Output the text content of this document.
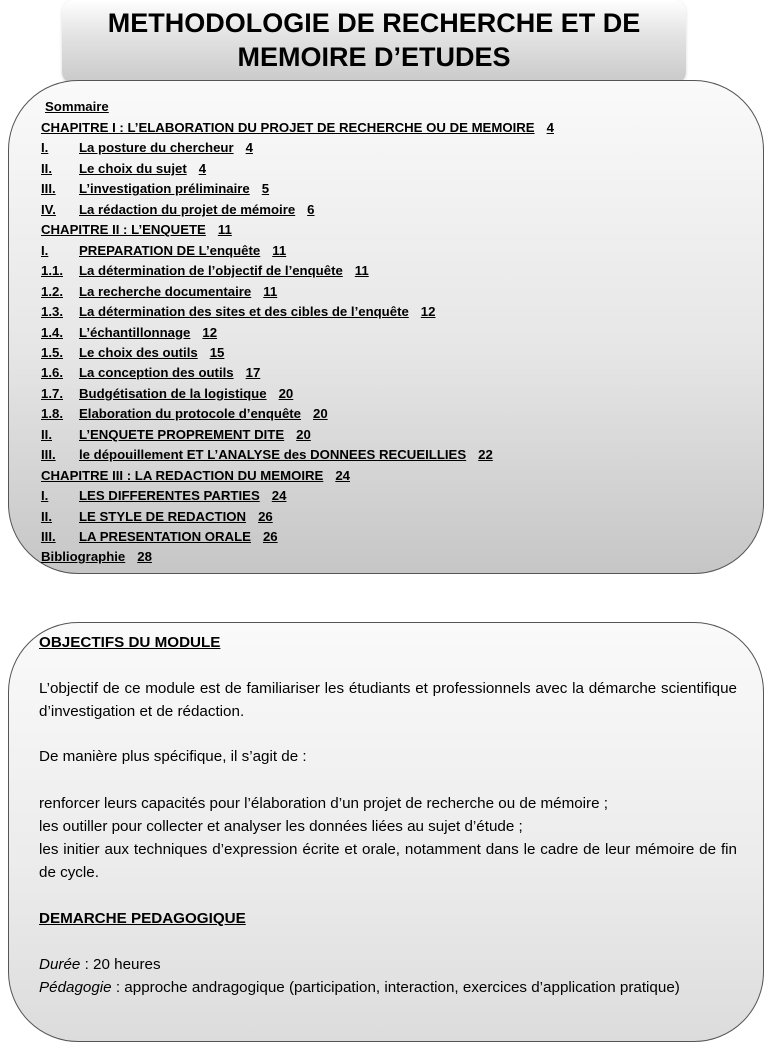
METHODOLOGIE DE RECHERCHE ET DE
MEMOIRE D’ETUDES
Sommaire
CHAPITRE I : L’ELABORATION DU PROJET DE RECHERCHE OU DE MEMOIRE 4
I. La posture du chercheur 4
II. Le choix du sujet 4
III. L’investigation préliminaire 5
IV. La rédaction du projet de mémoire 6
CHAPITRE II : L’ENQUETE 11
I. PREPARATION DE L’enquête 11
1.1. La détermination de l’objectif de l’enquête 11
1.2. La recherche documentaire 11
1.3. La détermination des sites et des cibles de l’enquête 12
1.4. L’échantillonnage 12
1.5. Le choix des outils 15
1.6. La conception des outils 17
1.7. Budgétisation de la logistique 20
1.8. Elaboration du protocole d’enquête 20
II. L’ENQUETE PROPREMENT DITE 20
III. le dépouillement ET L’ANALYSE des DONNEES RECUEILLIES 22
CHAPITRE III : LA REDACTION DU MEMOIRE 24
I. LES DIFFERENTES PARTIES 24
II. LE STYLE DE REDACTION 26
III. LA PRESENTATION ORALE 26
Bibliographie 28
OBJECTIFS DU MODULE
L’objectif de ce module est de familiariser les étudiants et professionnels avec la démarche scientifique d’investigation et de rédaction.
De manière plus spécifique, il s’agit de :
renforcer leurs capacités pour l’élaboration d’un projet de recherche ou de mémoire ;
les outiller pour collecter et analyser les données liées au sujet d’étude ;
les initier aux techniques d’expression écrite et orale, notamment dans le cadre de leur mémoire de fin de cycle.
DEMARCHE PEDAGOGIQUE
Durée : 20 heures
Pédagogie : approche andragogique (participation, interaction, exercices d’application pratique)
